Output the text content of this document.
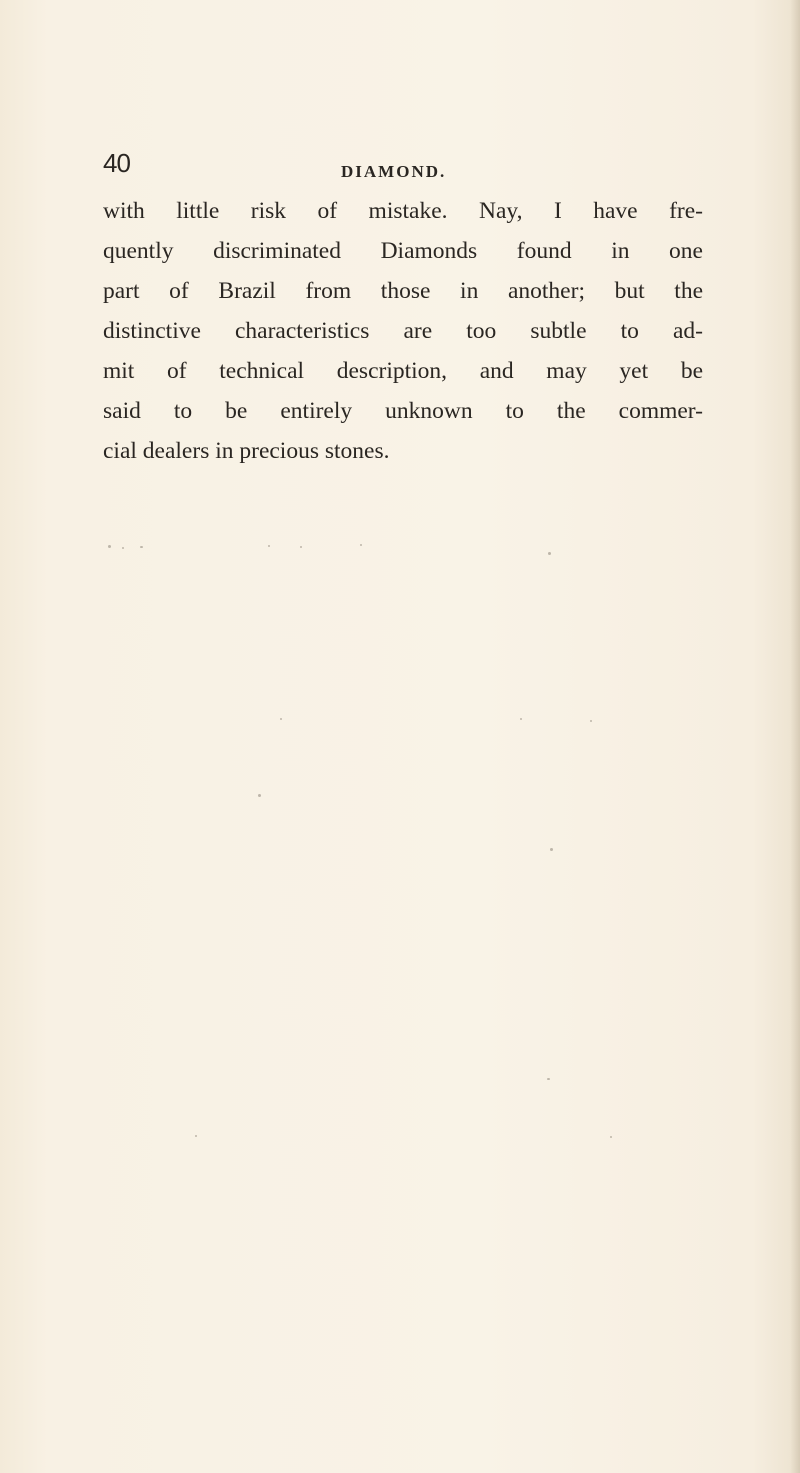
40	DIAMOND.
with little risk of mistake. Nay, I have fre-
quently discriminated Diamonds found in one
part of Brazil from those in another; but the
distinctive characteristics are too subtle to ad-
mit of technical description, and may yet be
said to be entirely unknown to the commer-
cial dealers in precious stones.
